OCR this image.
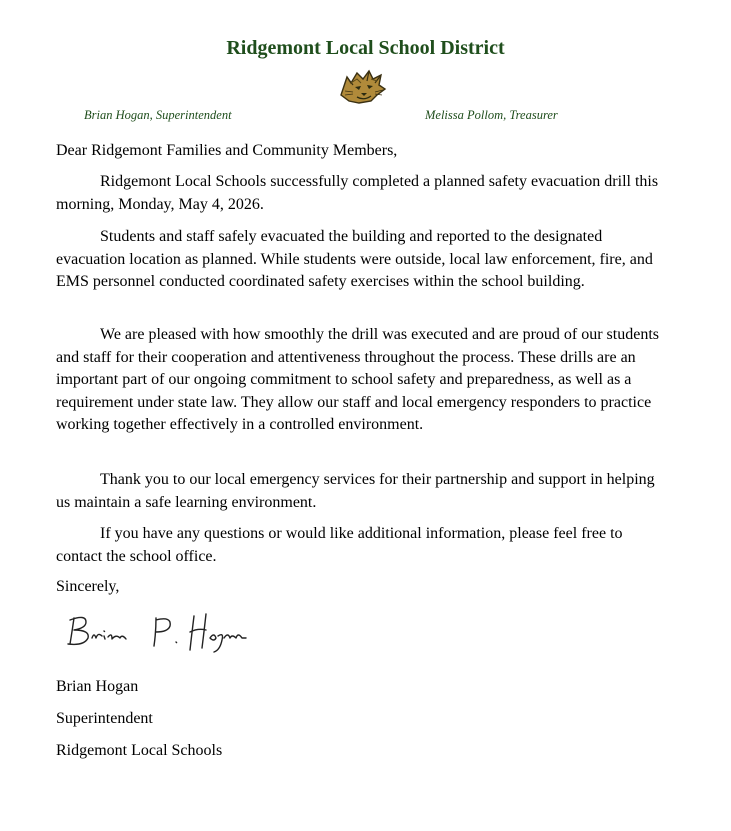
Ridgemont Local School District
Brian Hogan, Superintendent	Melissa Pollom, Treasurer
Dear Ridgemont Families and Community Members,

Ridgemont Local Schools successfully completed a planned safety evacuation drill this morning, Monday, May 4, 2026.

Students and staff safely evacuated the building and reported to the designated evacuation location as planned. While students were outside, local law enforcement, fire, and EMS personnel conducted coordinated safety exercises within the school building.

We are pleased with how smoothly the drill was executed and are proud of our students and staff for their cooperation and attentiveness throughout the process. These drills are an important part of our ongoing commitment to school safety and preparedness, as well as a requirement under state law. They allow our staff and local emergency responders to practice working together effectively in a controlled environment.

Thank you to our local emergency services for their partnership and support in helping us maintain a safe learning environment.

If you have any questions or would like additional information, please feel free to contact the school office.

Sincerely,
Brian Hogan
Superintendent
Ridgemont Local Schools
